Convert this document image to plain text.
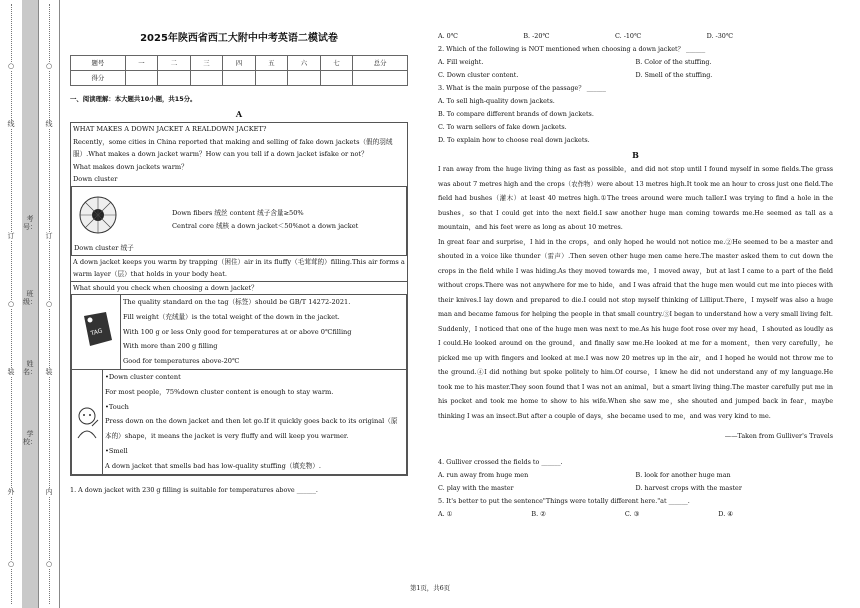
○
线
订
○
装
外
○
考号：
班级：
姓名：
学校：
○
线
订
○
装
内
○
2025年陕西省西工大附中中考英语二模试卷
题号	一	二	三	四	五	六	七	总分
得分								
一、阅读理解：本大题共10小题，共15分。
A

WHAT MAKES A DOWN JACKET A REALDOWN JACKET?

Recently，some cities in China reported that making and selling of fake down jackets（假的羽绒服）.What makes a down jacket warm？How can you tell if a down jacket isfake or not？

What makes down jackets warm？

Down cluster

Down cluster 绒子
Down fibers 绒丝 content 绒子含量≥50%
Central core 绒核 a down jacket＜50%not a down jacket

A down jacket keeps you warm by trapping（困住）air in its fluffy（毛茸茸的）filling.This air forms a warm layer（层）that holds in your body heat.

What should you check when choosing a down jacket？

TAG

The quality standard on the tag（标签）should be GB/T 14272-2021.

Fill weight（充绒量）is the total weight of the down in the jacket.

With 100 g or less Only good for temperatures at or above 0℃filling

With more than 200 g filling

Good for temperatures above-20℃

•Down cluster content

For most people，75%down cluster content is enough to stay warm.

•Touch

Press down on the down jacket and then let go.If it quickly goes back to its original（原本的）shape，it means the jacket is very fluffy and will keep you warmer.

•Smell

A down jacket that smells bad has low-quality stuffing（填充物）.

1. A down jacket with 230 g filling is suitable for temperatures above ______.

A. 0℃	B. -20℃	C. -10℃	D. -30℃

2. Which of the following is NOT mentioned when choosing a down jacket？ ______

A. Fill weight.	B. Color of the stuffing.
C. Down cluster content.	D. Smell of the stuffing.

3. What is the main purpose of the passage？ ______

A. To sell high-quality down jackets.

B. To compare different brands of down jackets.

C. To warn sellers of fake down jackets.

D. To explain how to choose real down jackets.

B

I ran away from the huge living thing as fast as possible，and did not stop until I found myself in some fields.The grass was about 7 metres high and the crops（农作物）were about 13 metres high.It took me an hour to cross just one field.The field had bushes（灌木）at least 40 metres high.①The trees around were much taller.I was trying to find a hole in the bushes，so that I could get into the next field.I saw another huge man coming towards me.He seemed as tall as a mountain，and his feet were as long as about 10 metres.

In great fear and surprise，I hid in the crops，and only hoped he would not notice me.②He seemed to be a master and shouted in a voice like thunder（雷声）.Then seven other huge men came here.The master asked them to cut down the crops in the field while I was hiding.As they moved towards me，I moved away，but at last I came to a part of the field without crops.There was not anywhere for me to hide，and I was afraid that the huge men would cut me into pieces with their knives.I lay down and prepared to die.I could not stop myself thinking of Lilliput.There，I myself was also a huge man and became famous for helping the people in that small country.③I began to understand how a very small living felt.

Suddenly，I noticed that one of the huge men was next to me.As his huge foot rose over my head，I shouted as loudly as I could.He looked around on the ground，and finally saw me.He looked at me for a moment，then very carefully，he picked me up with fingers and looked at me.I was now 20 metres up in the air，and I hoped he would not throw me to the ground.④I did nothing but spoke politely to him.Of course，I knew he did not understand any of my language.He took me to his master.They soon found that I was not an animal，but a smart living thing.The master carefully put me in his pocket and took me home to show to his wife.When she saw me，she shouted and jumped back in fear，maybe thinking I was an insect.But after a couple of days，she became used to me，and was very kind to me.

——Taken from Gulliver's Travels

4. Gulliver crossed the fields to ______.

A. run away from huge men	B. look for another huge man
C. play with the master	D. harvest crops with the master

5. It's better to put the sentence"Things were totally different here."at ______.

A. ①	B. ②	C. ③	D. ④
第1页，共6页
